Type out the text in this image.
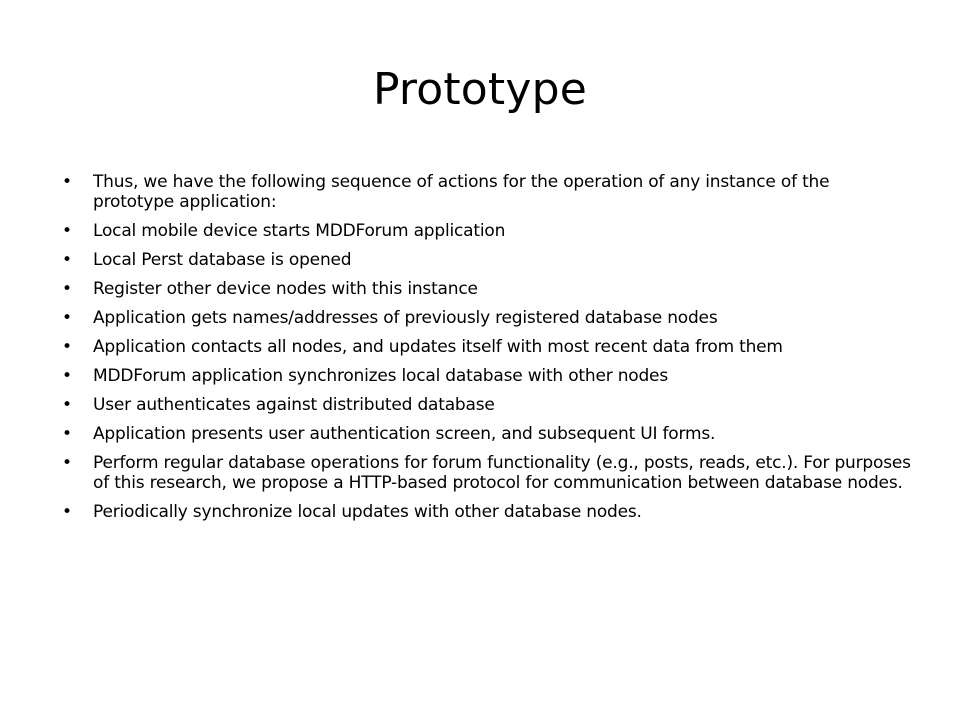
Prototype
• Thus, we have the following sequence of actions for the operation of any instance of the prototype application:
• Local mobile device starts MDDForum application
• Local Perst database is opened
• Register other device nodes with this instance
• Application gets names/addresses of previously registered database nodes
• Application contacts all nodes, and updates itself with most recent data from them
• MDDForum application synchronizes local database with other nodes
• User authenticates against distributed database
• Application presents user authentication screen, and subsequent UI forms.
• Perform regular database operations for forum functionality (e.g., posts, reads, etc.). For purposes of this research, we propose a HTTP-based protocol for communication between database nodes.
• Periodically synchronize local updates with other database nodes.
